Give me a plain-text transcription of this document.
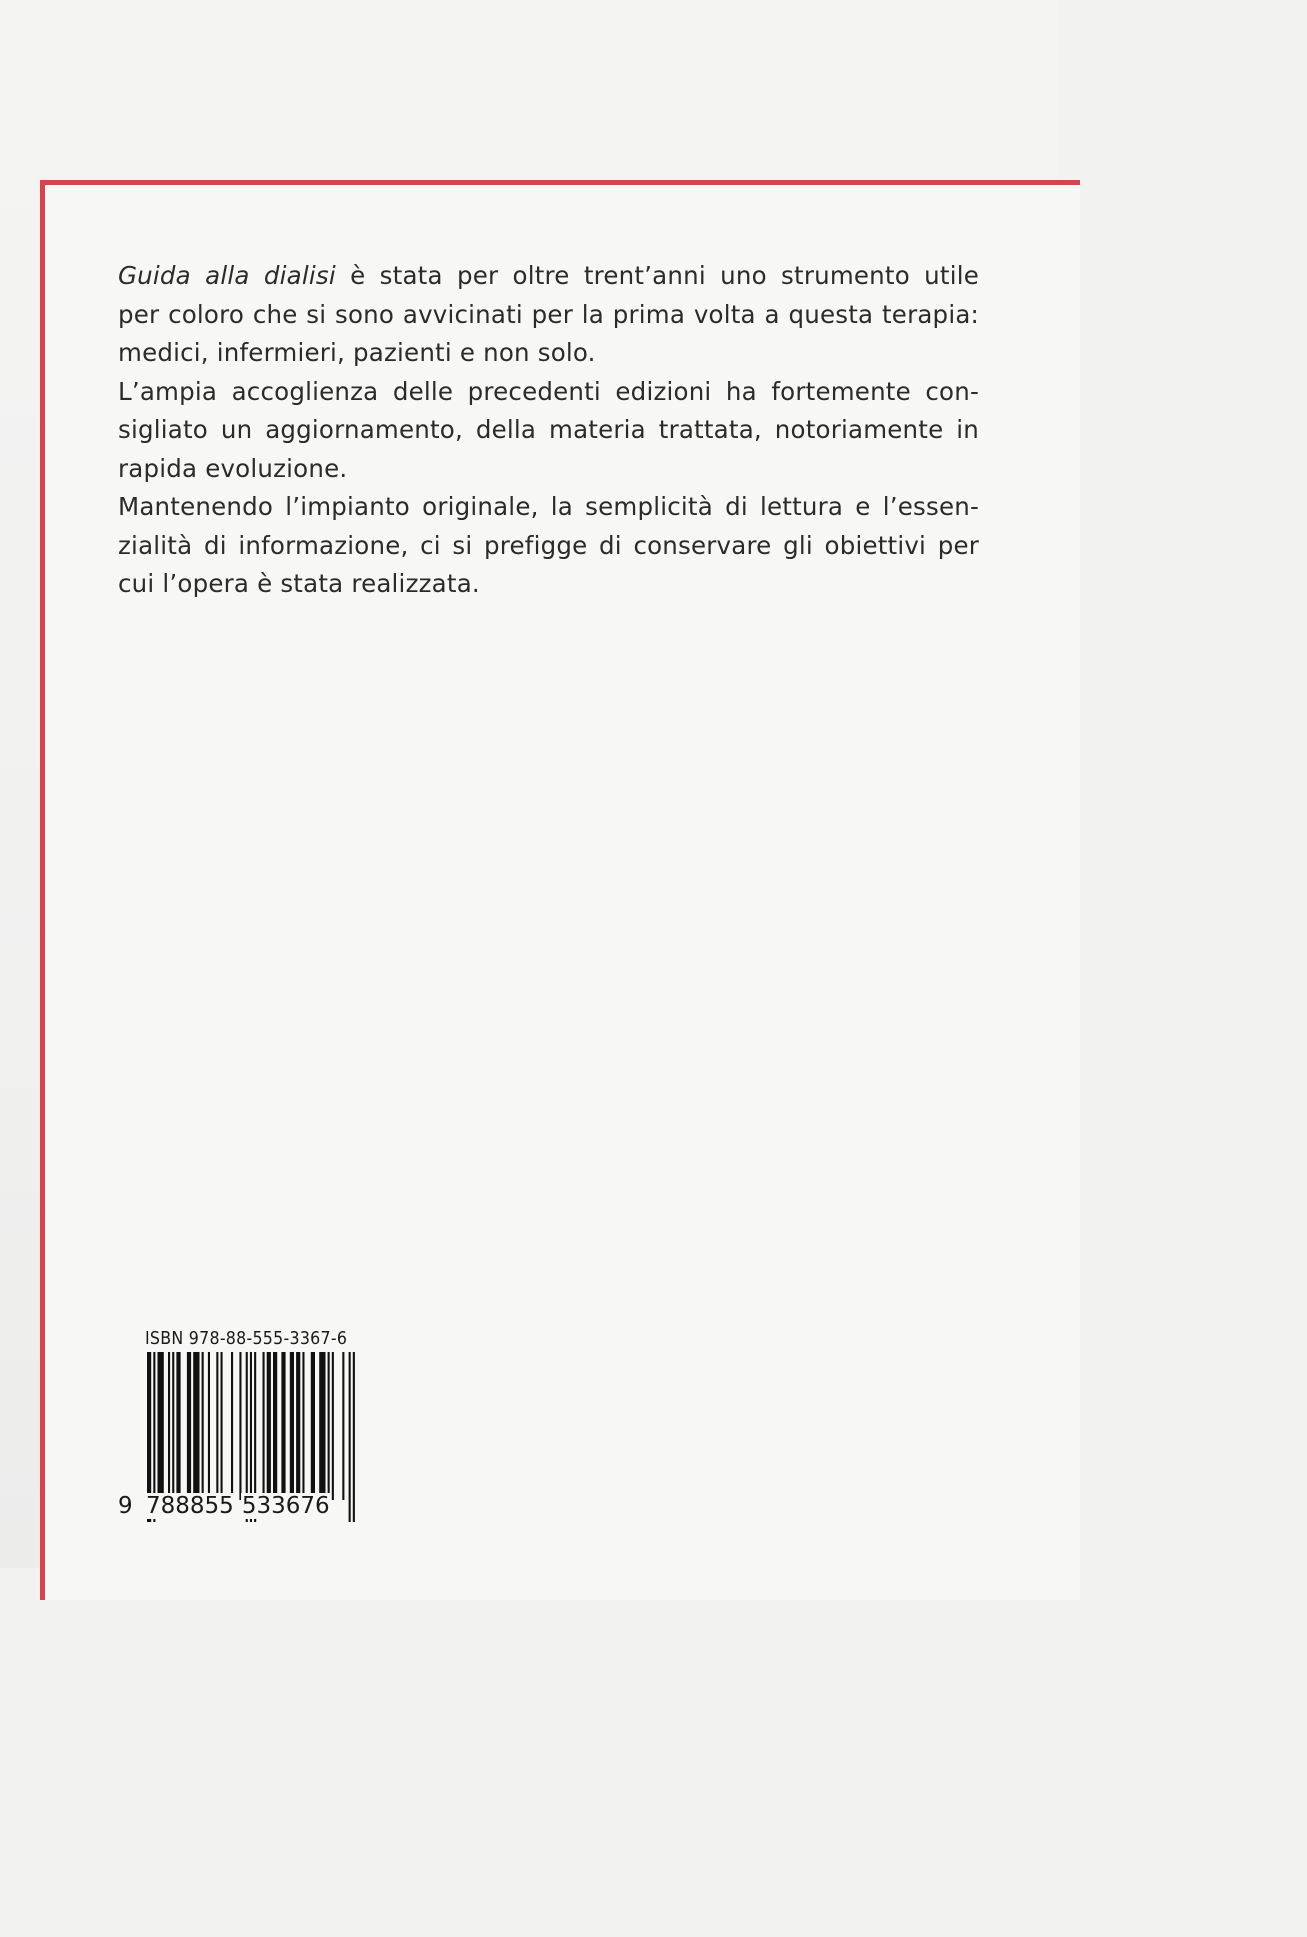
Guida alla dialisi è stata per oltre trent’anni uno strumento utile
per coloro che si sono avvicinati per la prima volta a questa terapia:
medici, infermieri, pazienti e non solo.
L’ampia accoglienza delle precedenti edizioni ha fortemente con-
sigliato un aggiornamento, della materia trattata, notoriamente in
rapida evoluzione.
Mantenendo l’impianto originale, la semplicità di lettura e l’essen-
zialità di informazione, ci si prefigge di conservare gli obiettivi per
cui l’opera è stata realizzata.

ISBN 978-88-555-3367-6
9 788855 533676
